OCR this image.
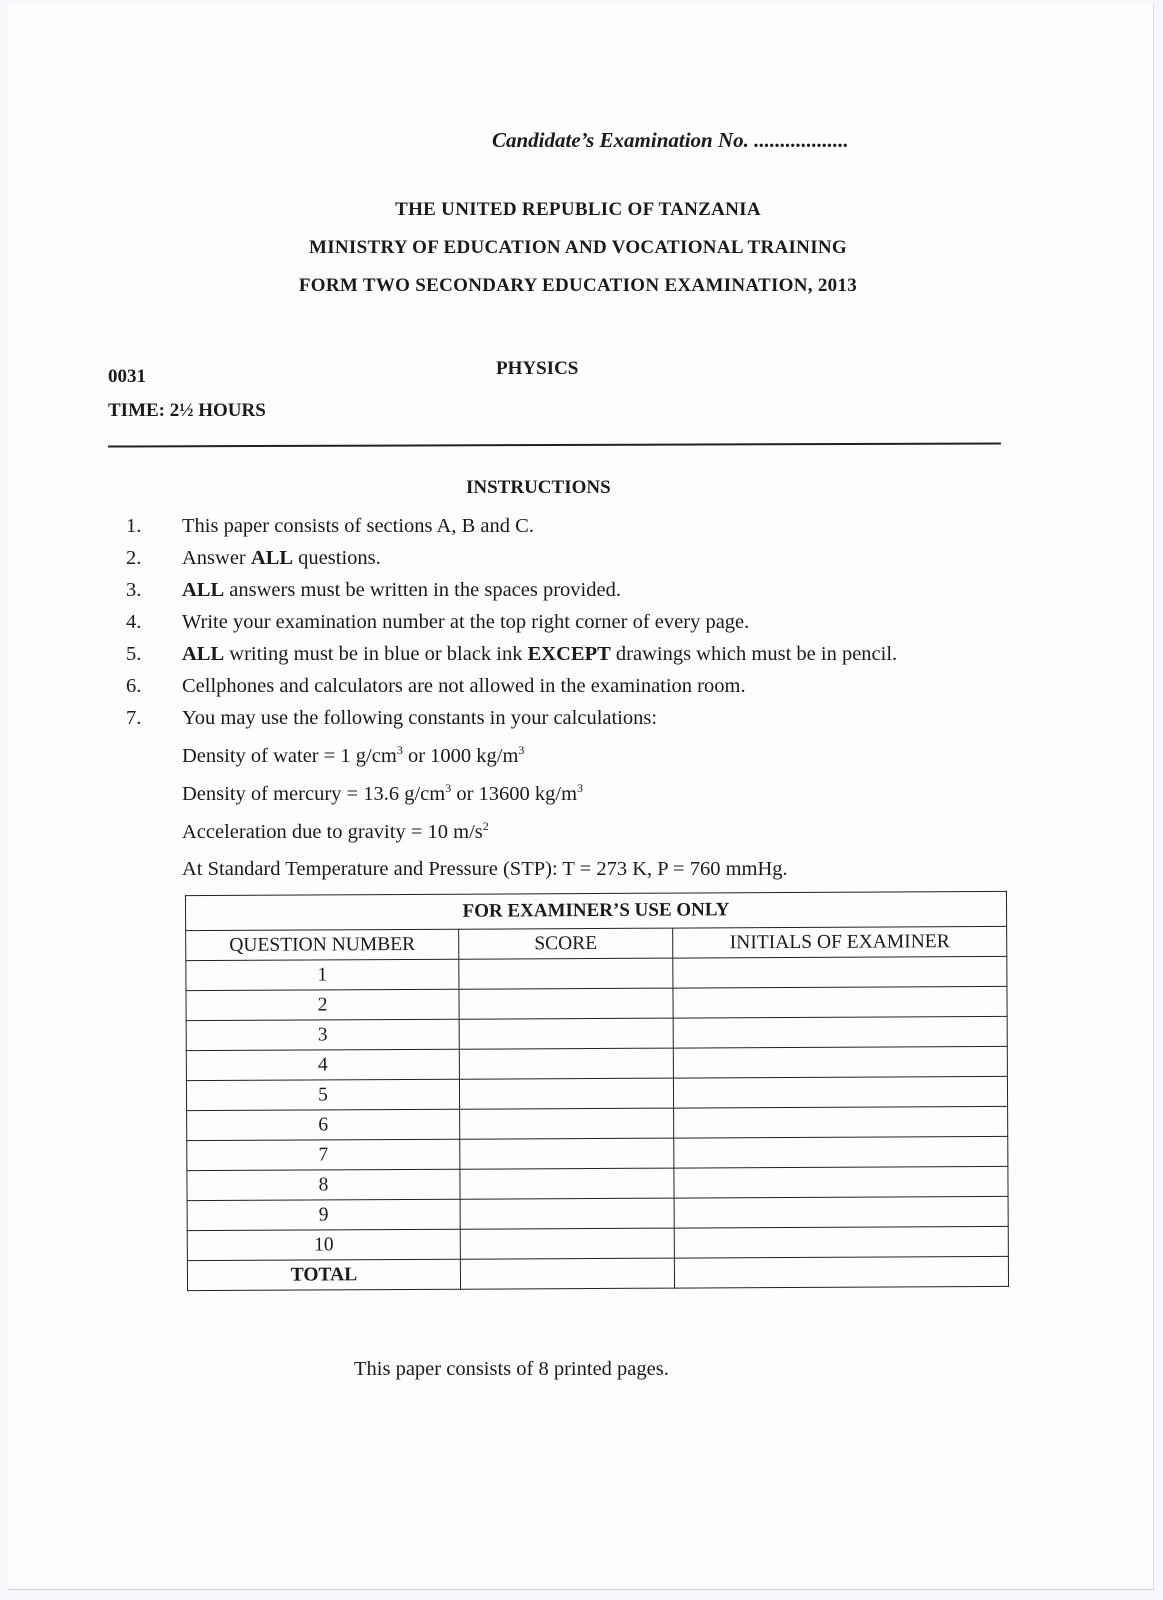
Candidate’s Examination No. ..................
THE UNITED REPUBLIC OF TANZANIA
MINISTRY OF EDUCATION AND VOCATIONAL TRAINING
FORM TWO SECONDARY EDUCATION EXAMINATION, 2013
0031	PHYSICS
TIME: 2½ HOURS
INSTRUCTIONS
1.	This paper consists of sections A, B and C.
2.	Answer ALL questions.
3.	ALL answers must be written in the spaces provided.
4.	Write your examination number at the top right corner of every page.
5.	ALL writing must be in blue or black ink EXCEPT drawings which must be in pencil.
6.	Cellphones and calculators are not allowed in the examination room.
7.	You may use the following constants in your calculations:
Density of water = 1 $g/cm^3$ or 1000 $kg/m^3$
Density of mercury = 13.6 $g/cm^3$ or 13600 $kg/m^3$
Acceleration due to gravity = 10 $m/s^2$
At Standard Temperature and Pressure (STP): T = 273 K, P = 760 mmHg.
FOR EXAMINER’S USE ONLY		
QUESTION NUMBER	SCORE	INITIALS OF EXAMINER
1		
2		
3		
4		
5		
6		
7		
8		
9		
10		
TOTAL		
This paper consists of 8 printed pages.
